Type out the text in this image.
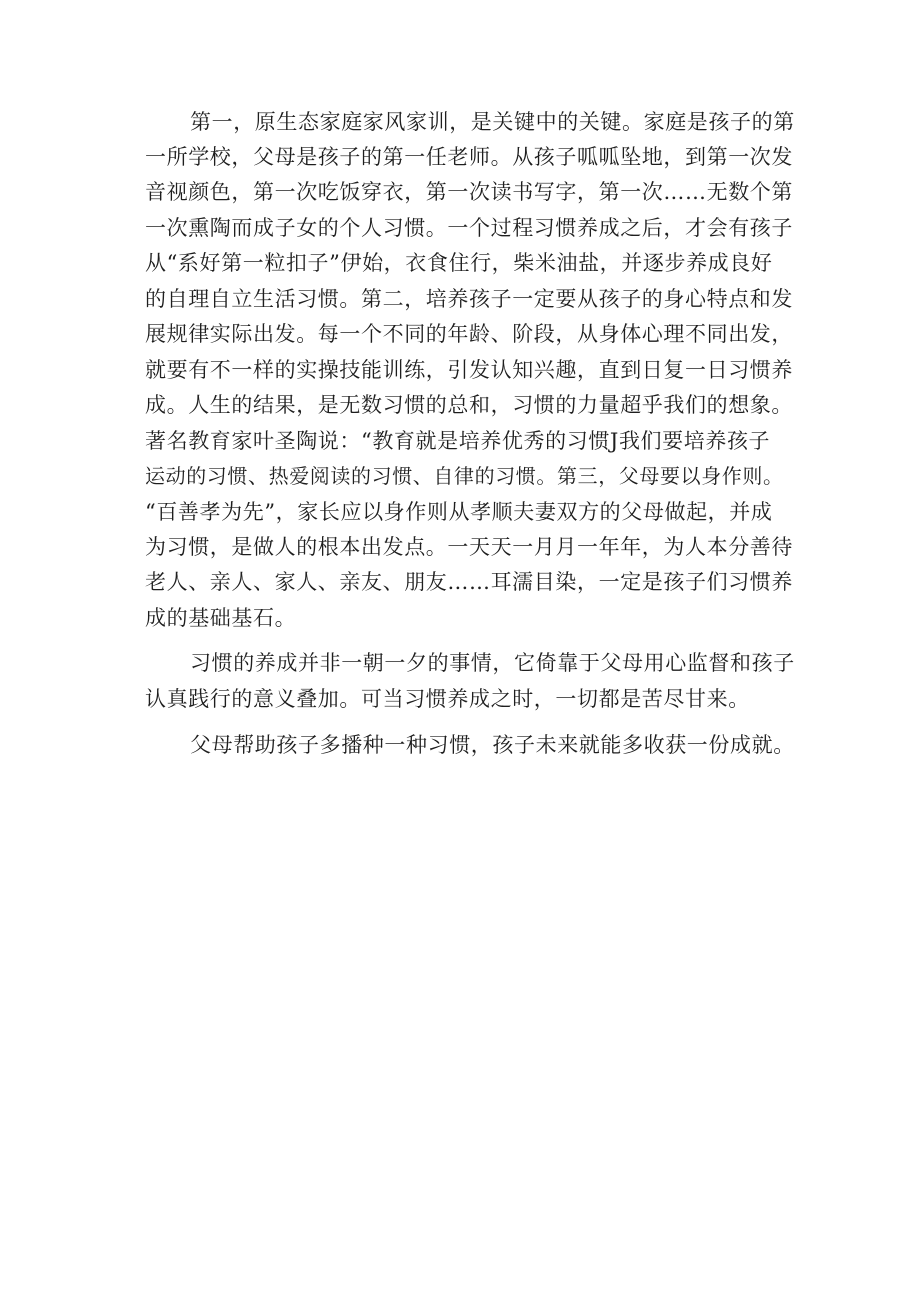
第一，原生态家庭家风家训，是关键中的关键。家庭是孩子的第
一所学校，父母是孩子的第一任老师。从孩子呱呱坠地，到第一次发
音视颜色，第一次吃饭穿衣，第一次读书写字，第一次……无数个第
一次熏陶而成子女的个人习惯。一个过程习惯养成之后，才会有孩子
从“系好第一粒扣子”伊始，衣食住行，柴米油盐，并逐步养成良好
的自理自立生活习惯。第二，培养孩子一定要从孩子的身心特点和发
展规律实际出发。每一个不同的年龄、阶段，从身体心理不同出发，
就要有不一样的实操技能训练，引发认知兴趣，直到日复一日习惯养
成。人生的结果，是无数习惯的总和，习惯的力量超乎我们的想象。
著名教育家叶圣陶说：“教育就是培养优秀的习惯J我们要培养孩子
运动的习惯、热爱阅读的习惯、自律的习惯。第三，父母要以身作则。
“百善孝为先”，家长应以身作则从孝顺夫妻双方的父母做起，并成
为习惯，是做人的根本出发点。一天天一月月一年年，为人本分善待
老人、亲人、家人、亲友、朋友……耳濡目染，一定是孩子们习惯养
成的基础基石。
习惯的养成并非一朝一夕的事情，它倚靠于父母用心监督和孩子
认真践行的意义叠加。可当习惯养成之时，一切都是苦尽甘来。
父母帮助孩子多播种一种习惯，孩子未来就能多收获一份成就。
